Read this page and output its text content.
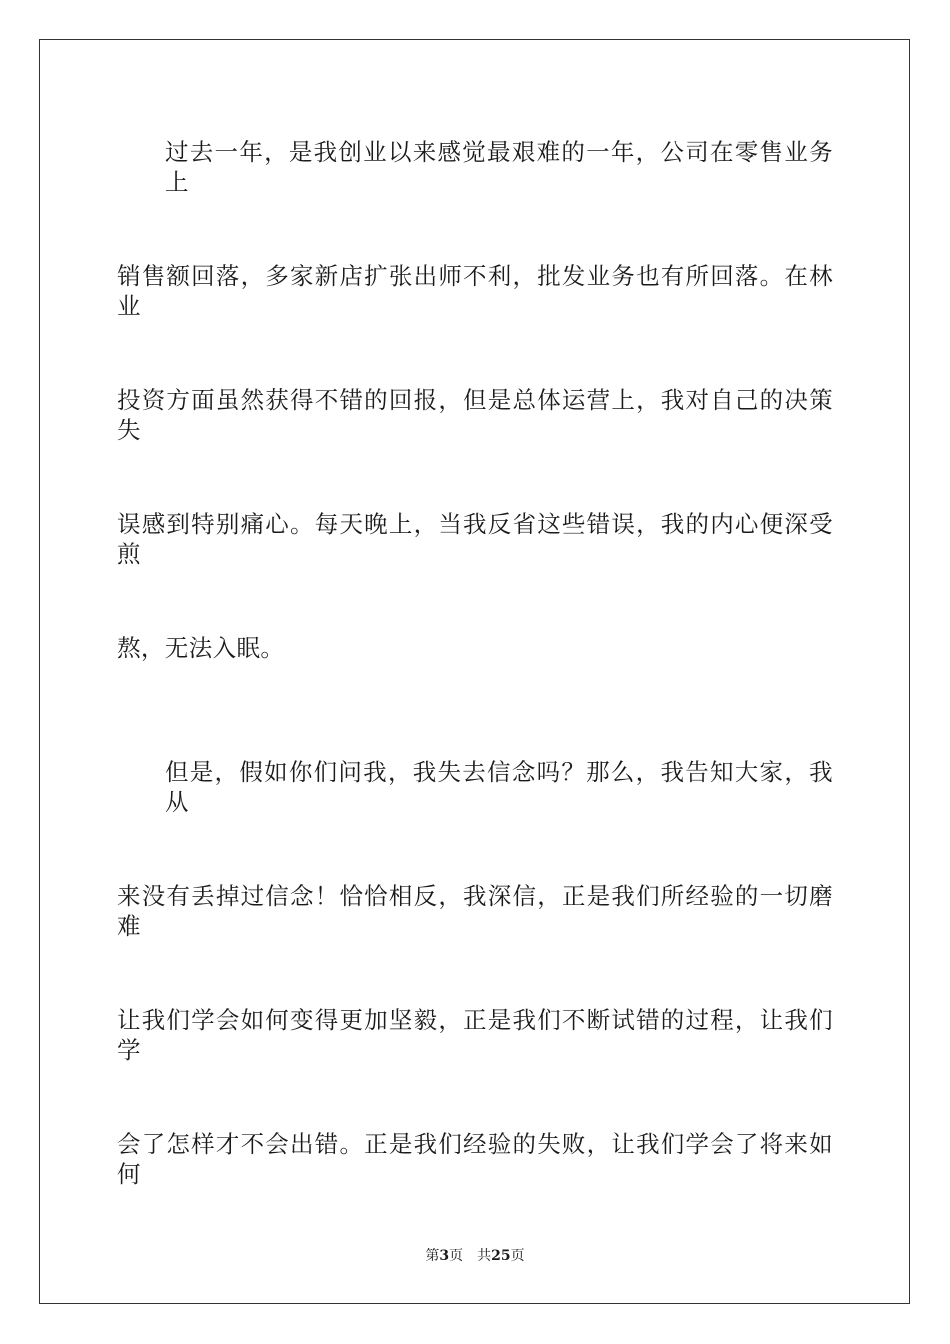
过去一年，是我创业以来感觉最艰难的一年，公司在零售业务上
销售额回落，多家新店扩张出师不利，批发业务也有所回落。在林业
投资方面虽然获得不错的回报，但是总体运营上，我对自己的决策失
误感到特别痛心。每天晚上，当我反省这些错误，我的内心便深受煎
熬，无法入眠。
但是，假如你们问我，我失去信念吗？那么，我告知大家，我从
来没有丢掉过信念！恰恰相反，我深信，正是我们所经验的一切磨难
让我们学会如何变得更加坚毅，正是我们不断试错的过程，让我们学
会了怎样才不会出错。正是我们经验的失败，让我们学会了将来如何
第3页 共25页
